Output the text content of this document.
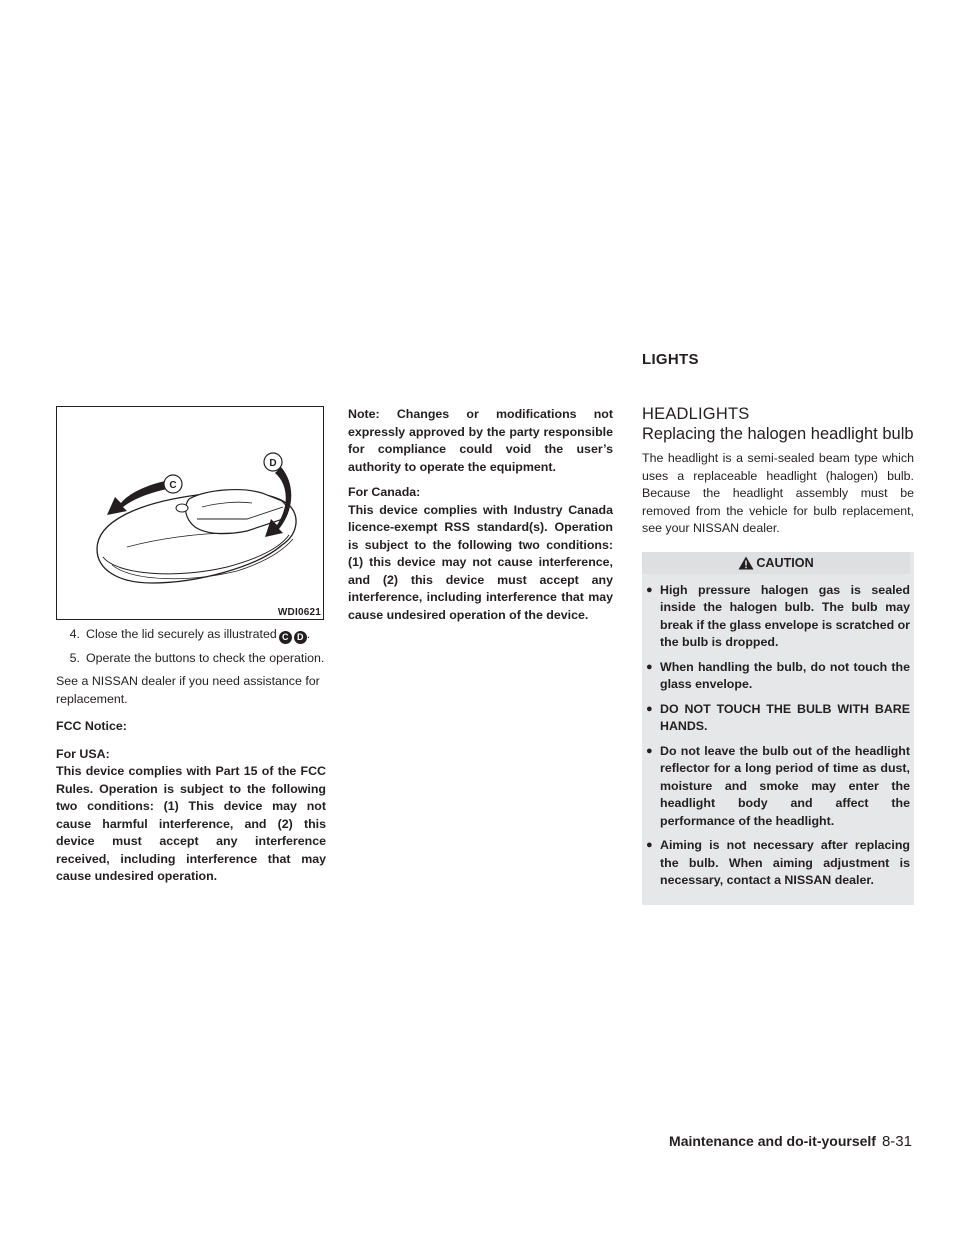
LIGHTS
C
D
WDI0621
4. Close the lid securely as illustrated C D .
5. Operate the buttons to check the operation.

See a NISSAN dealer if you need assistance for replacement.

FCC Notice:

For USA:

This device complies with Part 15 of the FCC Rules. Operation is subject to the following two conditions: (1) This device may not cause harmful interference, and (2) this device must accept any interference received, including interference that may cause undesired operation.

Note: Changes or modifications not expressly approved by the party responsible for compliance could void the user’s authority to operate the equipment.

For Canada:

This device complies with Industry Canada licence-exempt RSS standard(s). Operation is subject to the following two conditions: (1) this device may not cause interference, and (2) this device must accept any interference, including interference that may cause undesired operation of the device.

HEADLIGHTS
Replacing the halogen headlight bulb

The headlight is a semi-sealed beam type which uses a replaceable headlight (halogen) bulb. Because the headlight assembly must be removed from the vehicle for bulb replacement, see your NISSAN dealer.

CAUTION
● High pressure halogen gas is sealed inside the halogen bulb. The bulb may break if the glass envelope is scratched or the bulb is dropped.
● When handling the bulb, do not touch the glass envelope.
● DO NOT TOUCH THE BULB WITH BARE HANDS.
● Do not leave the bulb out of the headlight reflector for a long period of time as dust, moisture and smoke may enter the headlight body and affect the performance of the headlight.
● Aiming is not necessary after replacing the bulb. When aiming adjustment is necessary, contact a NISSAN dealer.
Maintenance and do-it-yourself 8-31
